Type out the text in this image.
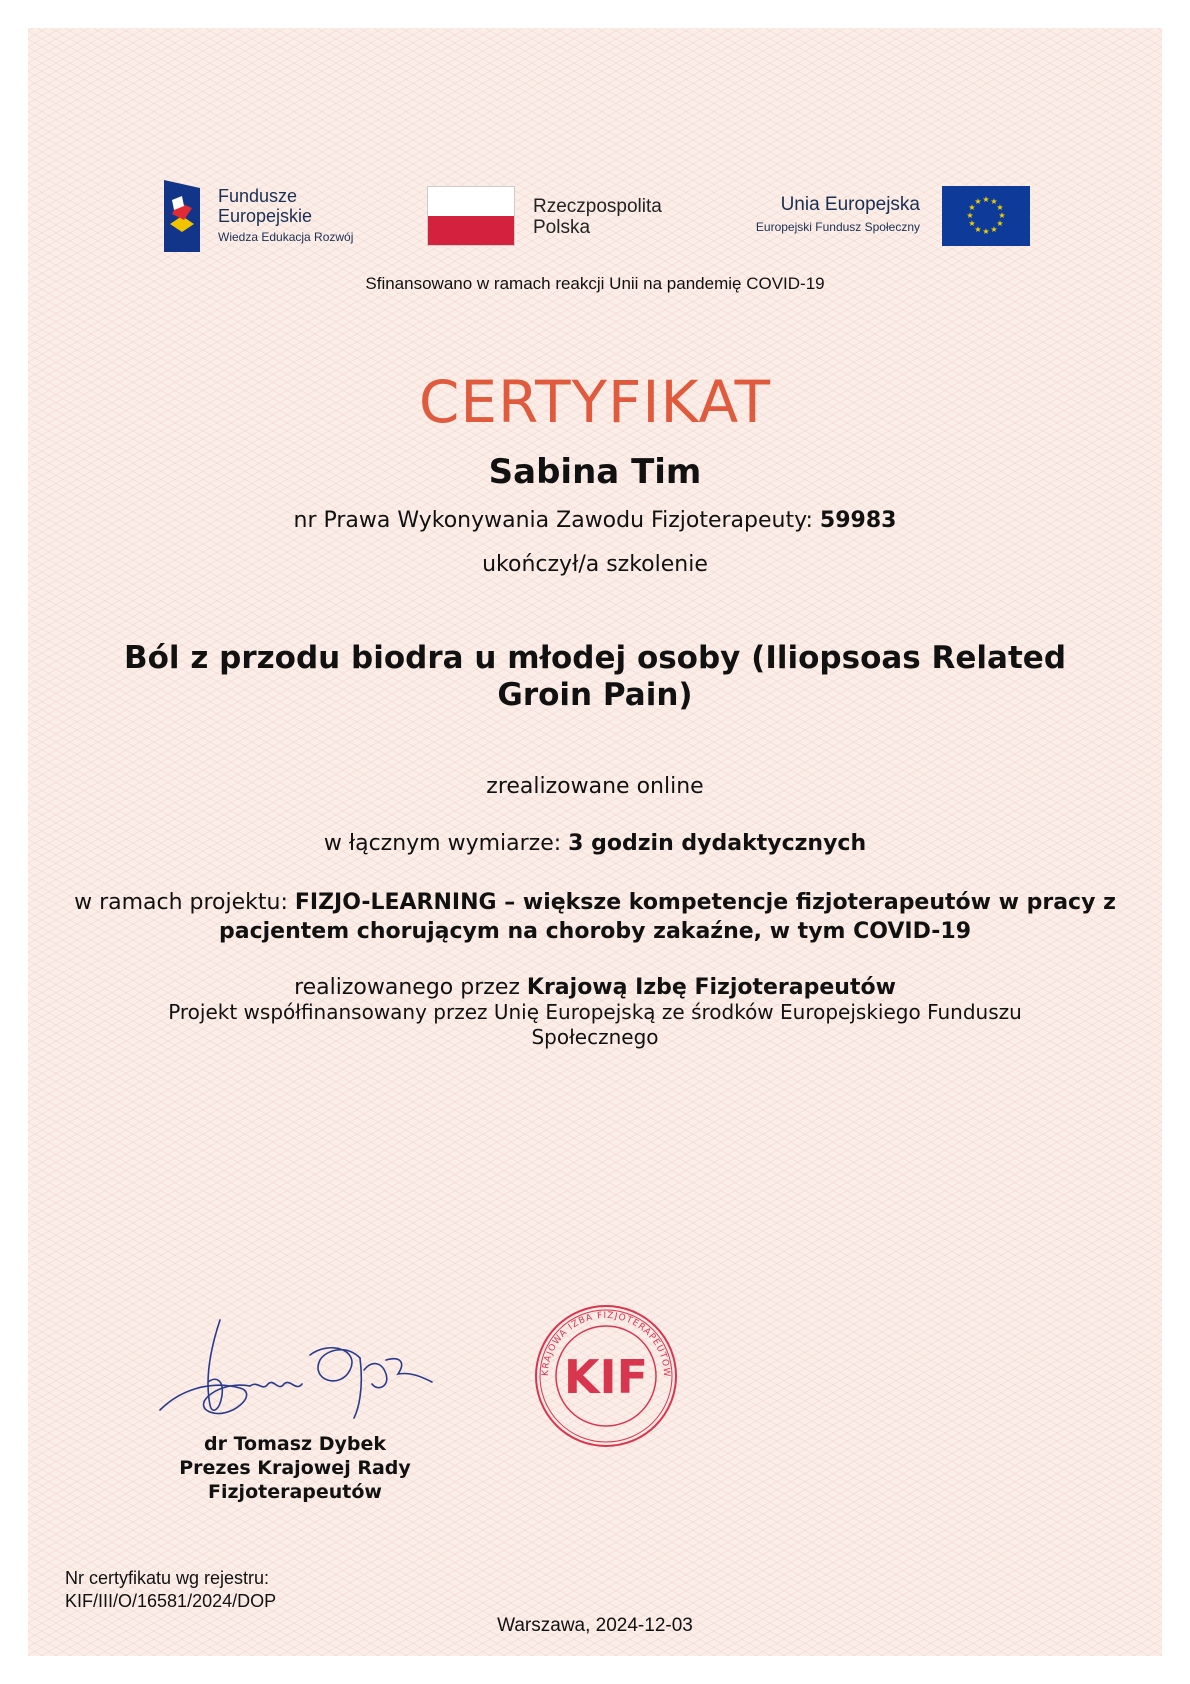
Fundusze
Europejskie
Wiedza Edukacja Rozwój
Rzeczpospolita
Polska
Unia Europejska
Europejski Fundusz Społeczny
★ ★
★
★
★
★
★
★
★
★
★
★
Sfinansowano w ramach reakcji Unii na pandemię COVID-19
CERTYFIKAT
Sabina Tim
nr Prawa Wykonywania Zawodu Fizjoterapeuty: 59983
ukończył/a szkolenie
Ból z przodu biodra u młodej osoby (Iliopsoas Related Groin Pain)
zrealizowane online
w łącznym wymiarze: 3 godzin dydaktycznych
w ramach projektu: FIZJO-LEARNING – większe kompetencje fizjoterapeutów w pracy z pacjentem chorującym na choroby zakaźne, w tym COVID-19
realizowanego przez Krajową Izbę Fizjoterapeutów
Projekt współfinansowany przez Unię Europejską ze środków Europejskiego Funduszu Społecznego
dr Tomasz Dybek
Prezes Krajowej Rady
Fizjoterapeutów
KRAJOWA IZBA FIZJOTERAPEUTÓW
KIF
Nr certyfikatu wg rejestru:
KIF/III/O/16581/2024/DOP
Warszawa, 2024-12-03
